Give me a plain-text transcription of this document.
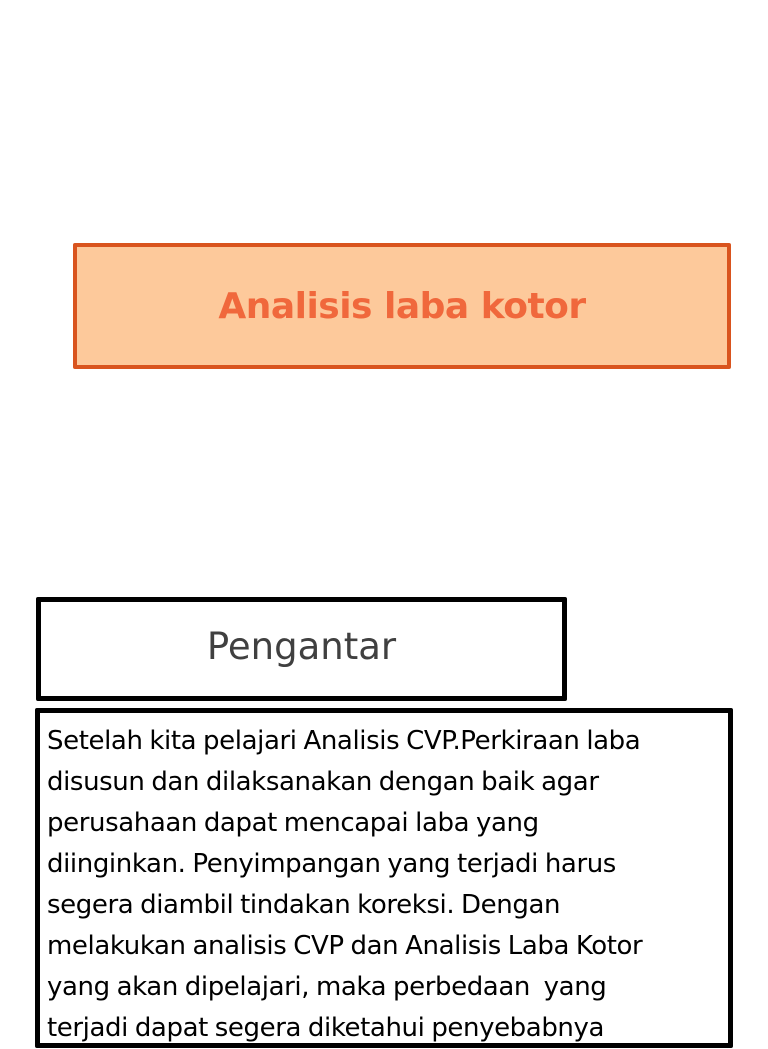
Analisis laba kotor
Pengantar
Setelah kita pelajari Analisis CVP.Perkiraan laba
disusun dan dilaksanakan dengan baik agar
perusahaan dapat mencapai laba yang
diinginkan. Penyimpangan yang terjadi harus
segera diambil tindakan koreksi. Dengan
melakukan analisis CVP dan Analisis Laba Kotor
yang akan dipelajari, maka perbedaan  yang
terjadi dapat segera diketahui penyebabnya
